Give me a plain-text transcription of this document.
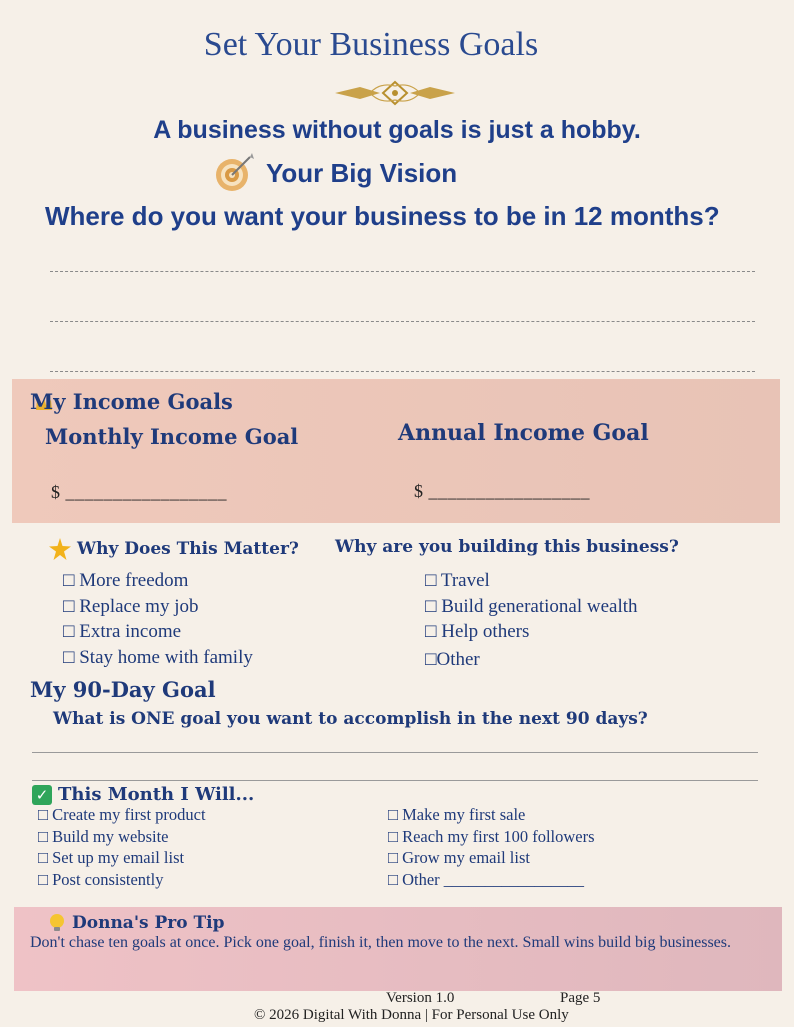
Set Your Business Goals
A business without goals is just a hobby.
Your Big Vision
Where do you want your business to be in 12 months?
My Income Goals
Monthly Income Goal	Annual Income Goal
$ _________________	$ _________________
Why Does This Matter? Why are you building this business?
□ More freedom
□ Replace my job
□ Extra income
□ Stay home with family
□ Travel
□ Build generational wealth
□ Help others
□Other
My 90-Day Goal
What is ONE goal you want to accomplish in the next 90 days?
✓ This Month I Will...
□ Create my first product
□ Build my website
□ Set up my email list
□ Post consistently
□ Make my first sale
□ Reach my first 100 followers
□ Grow my email list
□ Other _________________
Donna's Pro Tip
Don't chase ten goals at once. Pick one goal, finish it, then move to the next. Small wins build big businesses.
Version 1.0	Page 5
© 2026 Digital With Donna | For Personal Use Only
